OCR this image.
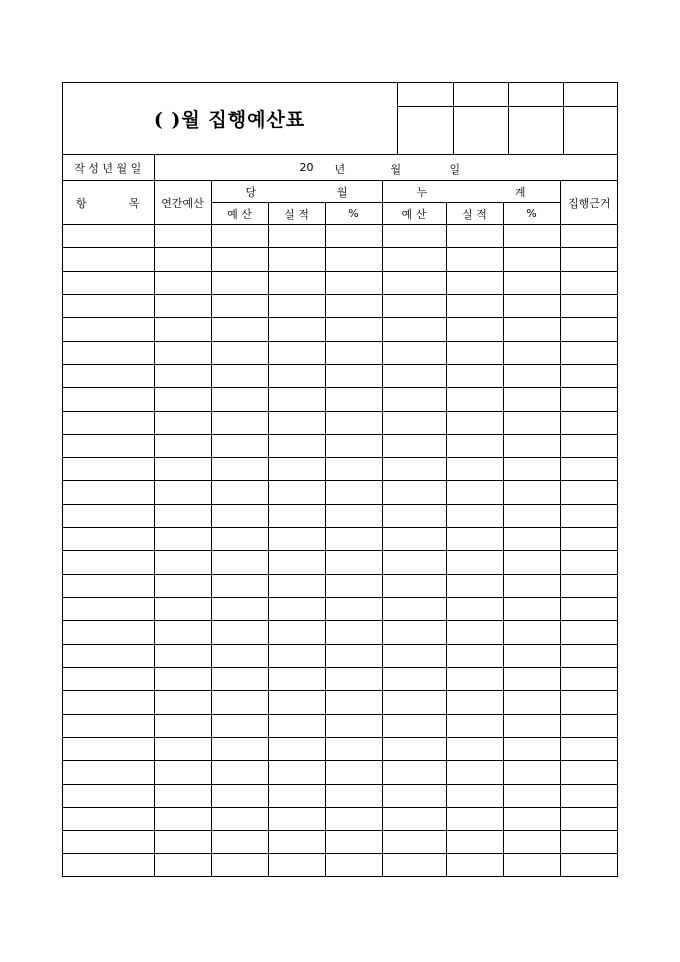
( )월 집행예산표

작 성 년 월 일	20 년 월 일							

항 목	연간예산	당 월			누 계			집행근거
		예 산	실 적	%	예 산	실 적	%	
